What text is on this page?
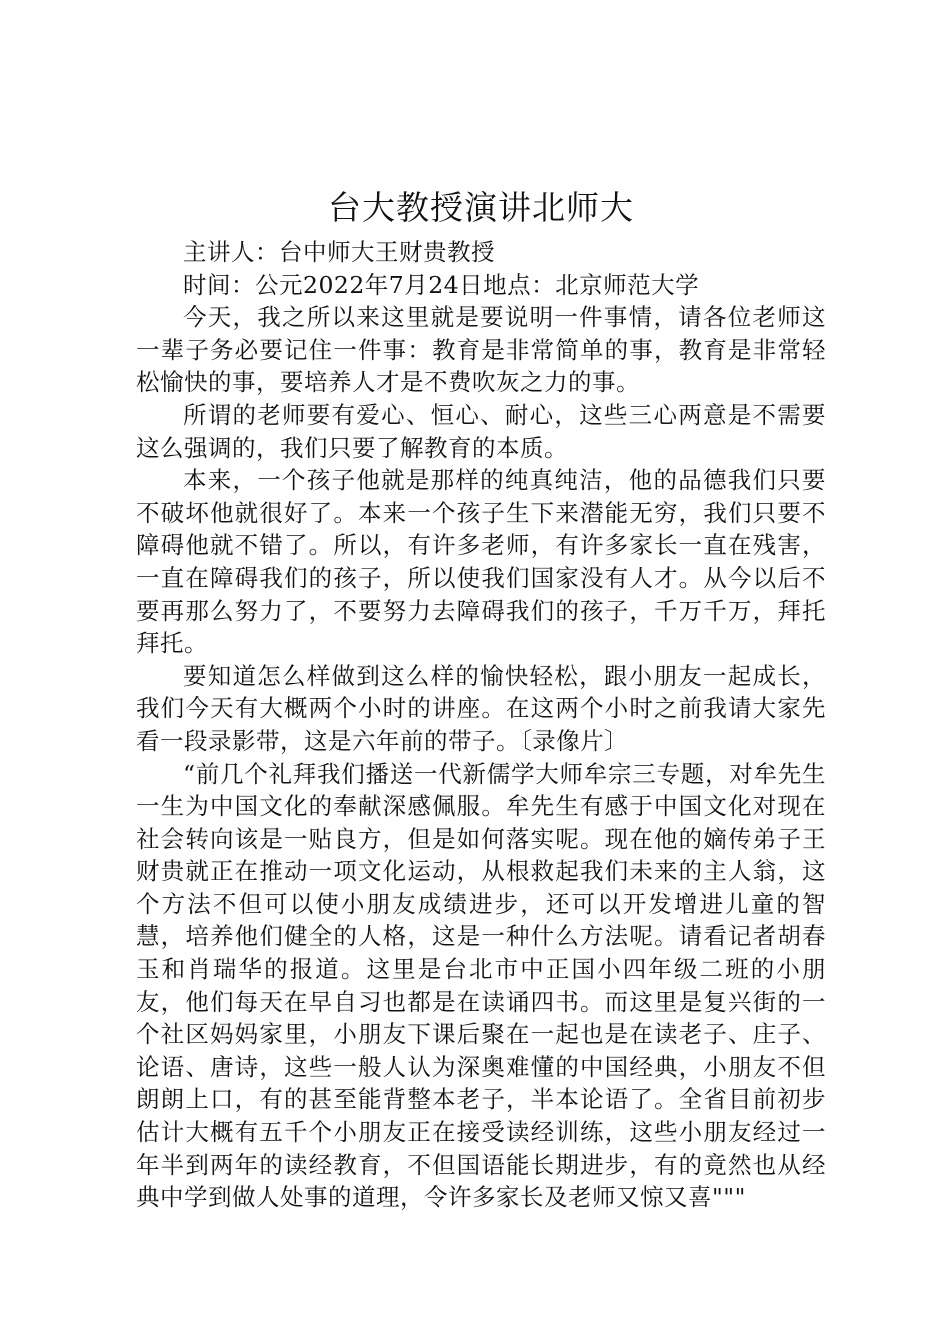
台大教授演讲北师大

主讲人：台中师大王财贵教授

时间：公元2022年7月24日地点：北京师范大学

今天，我之所以来这里就是要说明一件事情，请各位老师这一辈子务必要记住一件事：教育是非常简单的事，教育是非常轻松愉快的事，要培养人才是不费吹灰之力的事。

所谓的老师要有爱心、恒心、耐心，这些三心两意是不需要这么强调的，我们只要了解教育的本质。

本来，一个孩子他就是那样的纯真纯洁，他的品德我们只要不破坏他就很好了。本来一个孩子生下来潜能无穷，我们只要不障碍他就不错了。所以，有许多老师，有许多家长一直在残害，一直在障碍我们的孩子，所以使我们国家没有人才。从今以后不要再那么努力了，不要努力去障碍我们的孩子，千万千万，拜托拜托。

要知道怎么样做到这么样的愉快轻松，跟小朋友一起成长，我们今天有大概两个小时的讲座。在这两个小时之前我请大家先看一段录影带，这是六年前的带子。〔录像片〕

“前几个礼拜我们播送一代新儒学大师牟宗三专题，对牟先生一生为中国文化的奉献深感佩服。牟先生有感于中国文化对现在社会转向该是一贴良方，但是如何落实呢。现在他的嫡传弟子王财贵就正在推动一项文化运动，从根救起我们未来的主人翁，这个方法不但可以使小朋友成绩进步，还可以开发增进儿童的智慧，培养他们健全的人格，这是一种什么方法呢。请看记者胡春玉和肖瑞华的报道。这里是台北市中正国小四年级二班的小朋友，他们每天在早自习也都是在读诵四书。而这里是复兴街的一个社区妈妈家里，小朋友下课后聚在一起也是在读老子、庄子、论语、唐诗，这些一般人认为深奥难懂的中国经典，小朋友不但朗朗上口，有的甚至能背整本老子，半本论语了。全省目前初步估计大概有五千个小朋友正在接受读经训练，这些小朋友经过一年半到两年的读经教育，不但国语能长期进步，有的竟然也从经典中学到做人处事的道理，令许多家长及老师又惊又喜"""
